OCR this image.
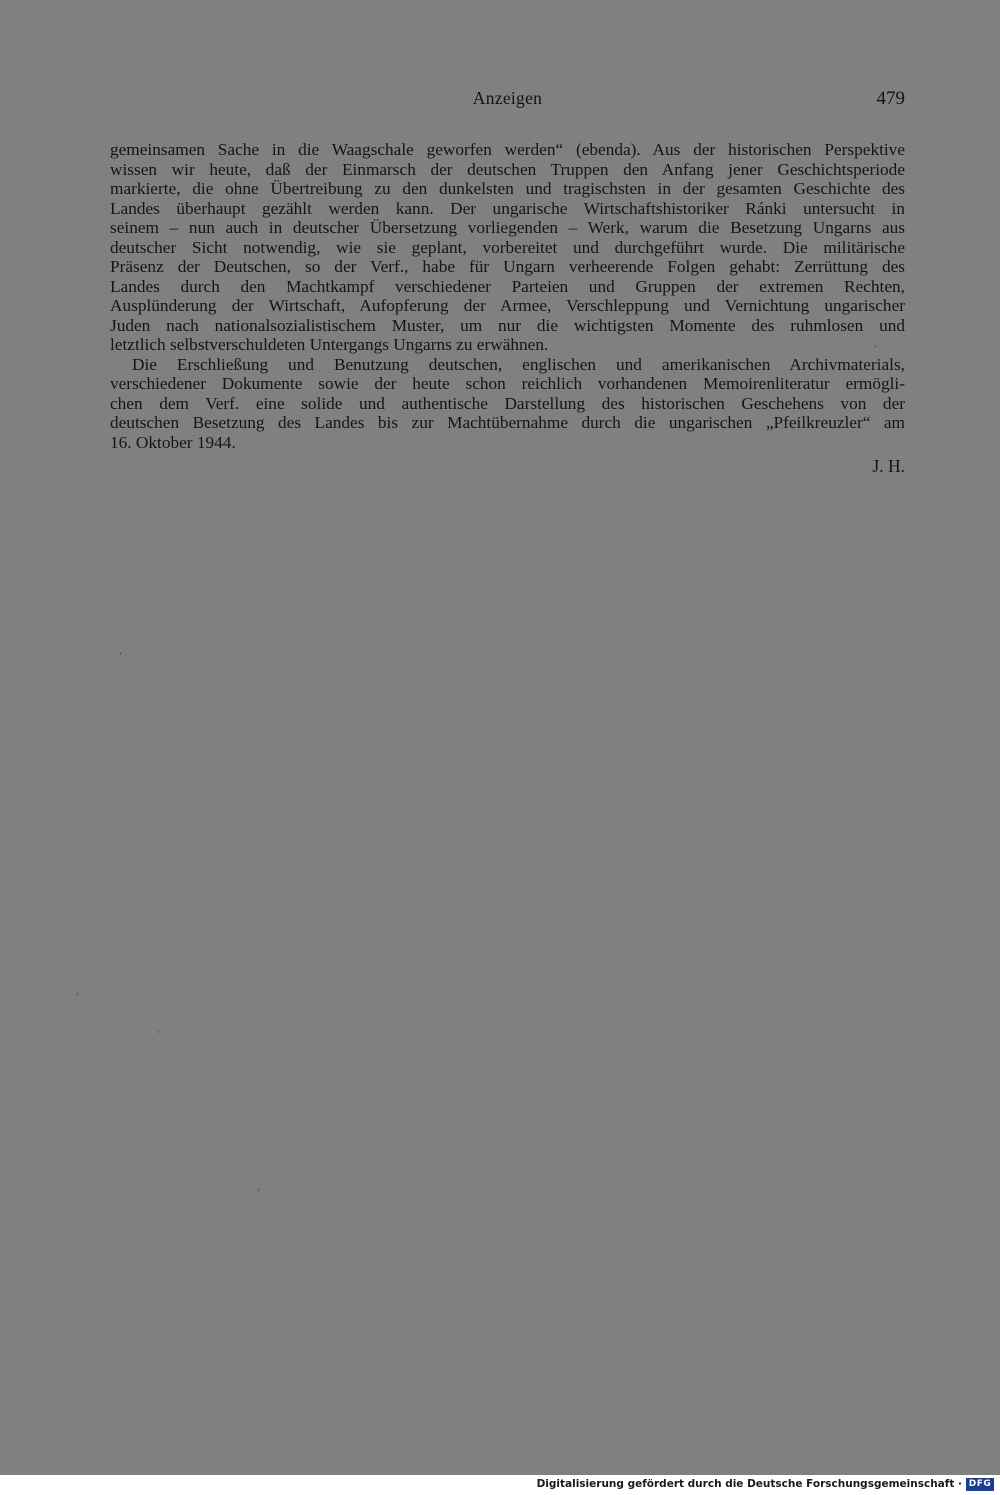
Anzeigen	479

gemeinsamen Sache in die Waagschale geworfen werden“ (ebenda). Aus der historischen Perspektive

wissen wir heute, daß der Einmarsch der deutschen Truppen den Anfang jener Geschichtsperiode

markierte, die ohne Übertreibung zu den dunkelsten und tragischsten in der gesamten Geschichte des

Landes überhaupt gezählt werden kann. Der ungarische Wirtschaftshistoriker Ránki untersucht in

seinem – nun auch in deutscher Übersetzung vorliegenden – Werk, warum die Besetzung Ungarns aus

deutscher Sicht notwendig, wie sie geplant, vorbereitet und durchgeführt wurde. Die militärische

Präsenz der Deutschen, so der Verf., habe für Ungarn verheerende Folgen gehabt: Zerrüttung des

Landes durch den Machtkampf verschiedener Parteien und Gruppen der extremen Rechten,

Ausplünderung der Wirtschaft, Aufopferung der Armee, Verschleppung und Vernichtung ungarischer

Juden nach nationalsozialistischem Muster, um nur die wichtigsten Momente des ruhmlosen und

letztlich selbstverschuldeten Untergangs Ungarns zu erwähnen.

Die Erschließung und Benutzung deutschen, englischen und amerikanischen Archivmaterials,

verschiedener Dokumente sowie der heute schon reichlich vorhandenen Memoirenliteratur ermögli-

chen dem Verf. eine solide und authentische Darstellung des historischen Geschehens von der

deutschen Besetzung des Landes bis zur Machtübernahme durch die ungarischen „Pfeilkreuzler“ am

16. Oktober 1944.

J. H.
Digitalisierung gefördert durch die Deutsche Forschungsgemeinschaft · DFG
